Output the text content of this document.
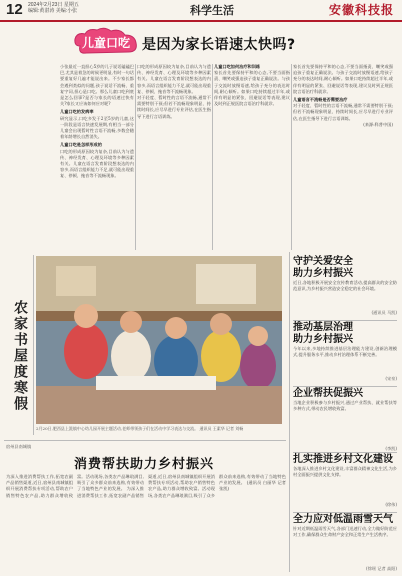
12 2024年2月23日 星期五
编辑:黄湛涛 美编:小张	科学生活	安徽科技报
儿童口吃 是因为家长语速太快吗?
小张最近一直担心5岁的儿子说话磕磕巴巴,尤其是着急的时候更明显,有时一句话要重复好几遍才能说出来。不少家长都会遇到类似的问题,孩子说话不流畅、重复字词,担心是口吃。那么儿童口吃到底是怎么回事?是否与家长的语速过快有关?家长又应该如何应对呢?
儿童口吃的发病率
研究显示,口吃多发于2至5岁的儿童,这一阶段是语言快速发展期,有相当一部分儿童会出现暂时性言语不流畅,多数会随着年龄增长自然消失。
儿童口吃是怎样形成的
口吃的形成原因较为复杂,目前认为与遗传、神经发育、心理及环境等多种因素有关。儿童在语言发育阶段想表达的内容多,而语言组织能力不足,就可能出现重复、停顿、拖音等不流畅现象。
口吃的形成原因较为复杂,目前认为与遗传、神经发育、心理及环境等多种因素有关。儿童在语言发育阶段想表达的内容多,而语言组织能力不足,就可能出现重复、停顿、拖音等不流畅现象。
对于轻度、暂时性的言语不流畅,通常不需要特别干预;但若不流畅现象明显、持续时间长,应尽早进行专业评估,在医生指导下进行言语训练。
儿童口吃如何治疗和训练
家长首先要保持平和的心态,不要当面指责、嘲笑或强迫孩子重复正确说法。与孩子交流时放慢语速,给孩子充分的表达时间,耐心倾听。如果口吃持续超过半年,或伴有明显的紧张、回避说话等表现,建议及时到正规医院言语治疗科就诊。
家长首先要保持平和的心态,不要当面指责、嘲笑或强迫孩子重复正确说法。与孩子交流时放慢语速,给孩子充分的表达时间,耐心倾听。如果口吃持续超过半年,或伴有明显的紧张、回避说话等表现,建议及时到正规医院言语治疗科就诊。
儿童语言不流畅是否需要治疗
对于轻度、暂时性的言语不流畅,通常不需要特别干预;但若不流畅现象明显、持续时间长,应尽早进行专业评估,在医生指导下进行言语训练。
(来源:科普中国)
农家书屋度寒假
2月20日,肥西县上派镇中心幼儿园开展主题活动,老师带领孩子们在活动中学习表达与交流。 通讯员 王素华 记者 刘畅
宿州县南城镇
消费帮扶助力乡村振兴
为深入推进消费帮扶工作,拓宽农副产品销售渠道,近日,宿州县南城镇组织开展消费帮扶专项活动,帮助农户销售特色农产品,助力群众增收致富。活动现场,各类农产品琳琅满目,吸引了众多群众前来选购,有效带动了当地特色产业的发展。 为深入推进消费帮扶工作,拓宽农副产品销售渠道,近日,宿州县南城镇组织开展消费帮扶专项活动,帮助农户销售特色农产品,助力群众增收致富。活动现场,各类农产品琳琅满目,吸引了众多群众前来选购,有效带动了当地特色产业的发展。 (通讯员 白丽华 记者 张凯)
守护关爱安全
助力乡村振兴
近日,各地积极开展安全宣传教育活动,提高群众的安全防范意识,为乡村振兴营造安全稳定的社会环境。
(通讯员 马凯)
推动基层治理
助力乡村振兴
今年以来,多地持续推进基层治理能力建设,创新治理模式,提升服务水平,推动乡村治理体系不断完善。
(宋泉)
企业帮扶促振兴
当地企业积极参与乡村振兴,通过产业帮扶、就业帮扶等多种方式,带动农民增收致富。
(李凯)
扎实推进乡村文化建设
各地深入推进乡村文化建设,丰富群众精神文化生活,为乡村全面振兴提供文化支撑。
(徐伟)
全力应对低温雨雪天气
针对近期低温雨雪天气,各部门迅速行动,全力做好防范应对工作,确保群众生命财产安全和正常生产生活秩序。
(徐瑶 记者 高阳)
